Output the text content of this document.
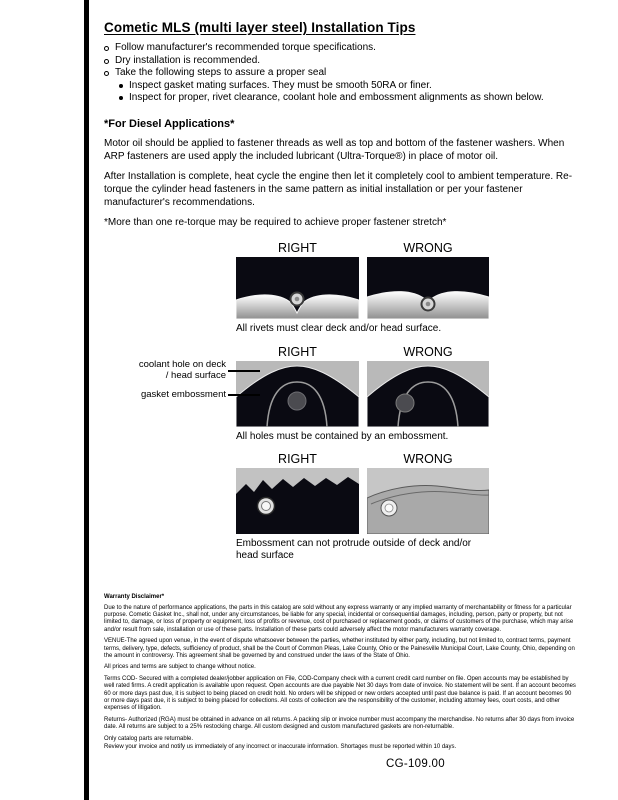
Cometic MLS (multi layer steel) Installation Tips
Follow manufacturer's recommended torque specifications.
Dry installation is recommended.
Take the following steps to assure a proper seal
Inspect gasket mating surfaces. They must be smooth 50RA or finer.
Inspect for proper, rivet clearance, coolant hole and embossment alignments as shown below.
*For Diesel Applications*

Motor oil should be applied to fastener threads as well as top and bottom of the fastener washers. When ARP fasteners are used apply the included lubricant (Ultra-Torque®) in place of motor oil.

After Installation is complete, heat cycle the engine then let it completely cool to ambient temperature. Re-torque the cylinder head fasteners in the same pattern as initial installation or per your fastener manufacturer's recommendations.

*More than one re-torque may be required to achieve proper fastener stretch*

RIGHT	WRONG
All rivets must clear deck and/or head surface.
RIGHT	WRONG
All holes must be contained by an embossment.
coolant hole on deck / head surface
gasket embossment
RIGHT	WRONG
Embossment can not protrude outside of deck and/or head surface
Warranty Disclaimer*

Due to the nature of performance applications, the parts in this catalog are sold without any express warranty or any implied warranty of merchantability or fitness for a particular purpose. Cometic Gasket Inc., shall not, under any circumstances, be liable for any special, incidental or consequential damages, including, person, party or property, but not limited to, damage, or loss of property or equipment, loss of profits or revenue, cost of purchased or replacement goods, or claims of customers of the purchase, which may arise and/or result from sale, installation or use of these parts. Installation of these parts could adversely affect the motor manufacturers warranty coverage.

VENUE-The agreed upon venue, in the event of dispute whatsoever between the parties, whether instituted by either party, including, but not limited to, contract terms, payment terms, delivery, type, defects, sufficiency of product, shall be the Court of Common Pleas, Lake County, Ohio or the Painesville Municipal Court, Lake County, Ohio, depending on the amount in controversy. This agreement shall be governed by and construed under the laws of the State of Ohio.

All prices and terms are subject to change without notice.

Terms COD- Secured with a completed dealer/jobber application on File, COD-Company check with a current credit card number on file. Open accounts may be established by well rated firms. A credit application is available upon request. Open accounts are due payable Net 30 days from date of invoice. No statement will be sent. If an account becomes 60 or more days past due, it is subject to being placed on credit hold. No orders will be shipped or new orders accepted until past due balance is paid. If an account becomes 90 or more days past due, it is subject to being placed for collections. All costs of collection are the responsibility of the customer, including attorney fees, court costs, and other expenses of litigation.

Returns- Authorized (RGA) must be obtained in advance on all returns. A packing slip or invoice number must accompany the merchandise. No returns after 30 days from invoice date. All returns are subject to a 25% restocking charge. All custom designed and custom manufactured gaskets are non-returnable.

Only catalog parts are returnable.

Review your invoice and notify us immediately of any incorrect or inaccurate information. Shortages must be reported within 10 days.

CG-109.00
